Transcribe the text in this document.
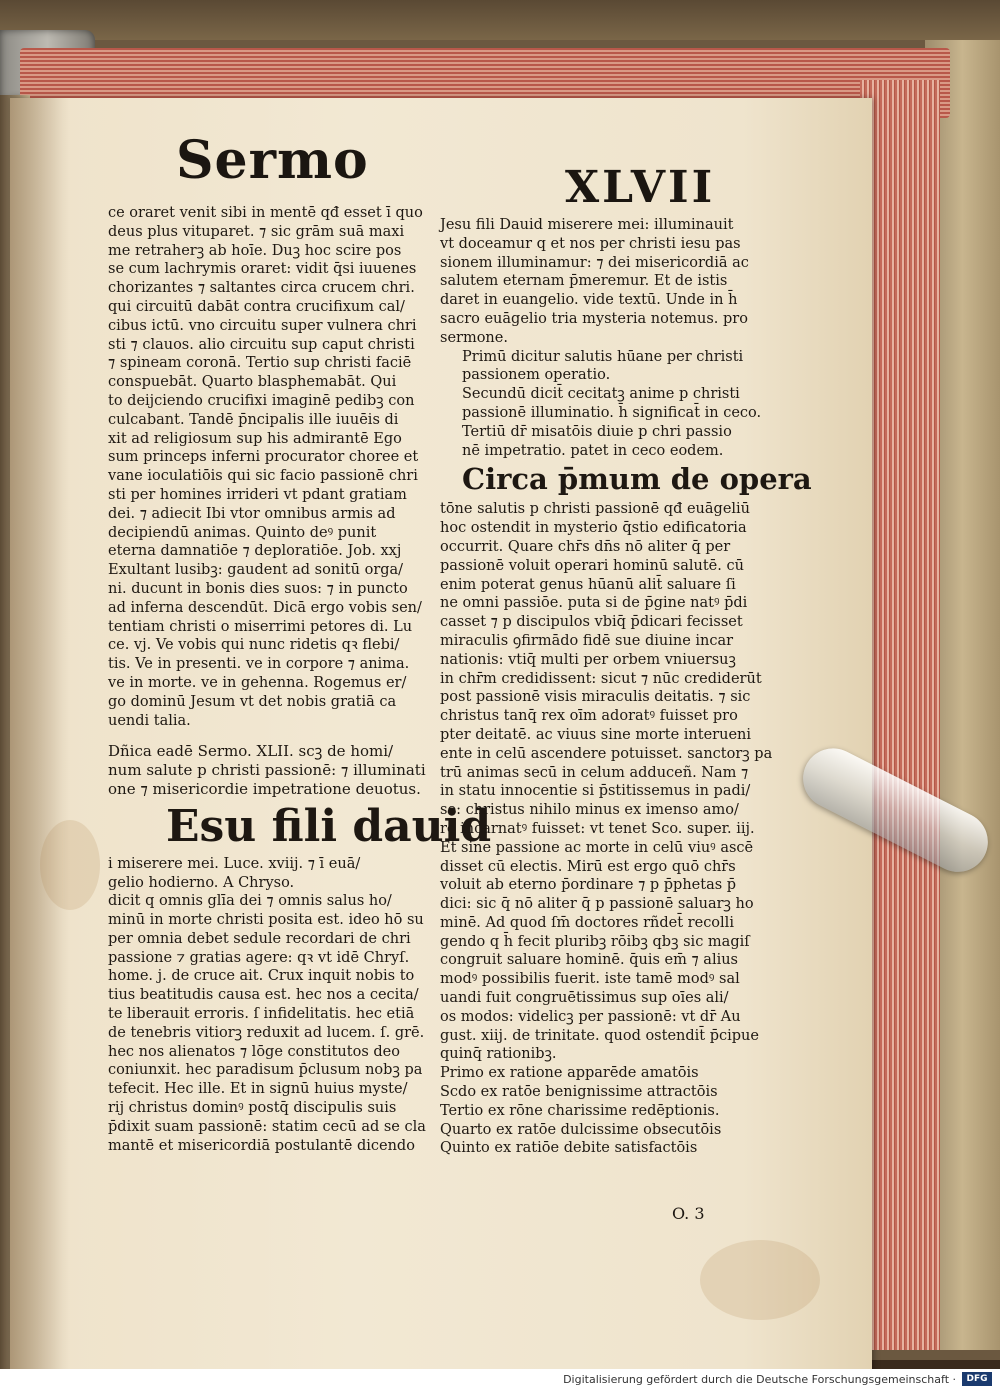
Sermo	XLVII
ce oraret venit sibi in mentē qđ esset ī quo
deus plus vituparet. ⁊ sic grām suā maxi
me retraherꝫ ab hoīe. Duꝫ hoc scire pos
se cum lachrymis oraret: vidit q̄si iuuenes
chorizantes ⁊ saltantes circa crucem chri.
qui circuitū dabāt contra crucifixum cal/
cibus ictū. vno circuitu super vulnera chri
sti ⁊ clauos. alio circuitu sup caput christi
⁊ spineam coronā. Tertio sup christi faciē
conspuebāt. Quarto blasphemabāt. Qui
to deijciendo crucifixi imaginē pedibꝫ con
culcabant. Tandē p̄ncipalis ille iuuēis di
xit ad religiosum sup his admirantē Ego
sum princeps inferni procurator choree et
vane ioculatiōis qui sic facio passionē chri
sti per homines irrideri vt pdant gratiam
dei. ⁊ adiecit Ibi vtor omnibus armis ad
decipiendū animas. Quinto deꝰ punit
eterna damnatiōe ⁊ deploratiōe. Job. xxj
Exultant lusibꝫ: gaudent ad sonitū orga/
ni. ducunt in bonis dies suos: ⁊ in puncto
ad inferna descendūt. Dicā ergo vobis sen/
tentiam christi o miserrimi petores di. Lu
ce. vj. Ve vobis qui nunc ridetis qꝛ flebi/
tis. Ve in presenti. ve in corpore ⁊ anima.
ve in morte. ve in gehenna. Rogemus er/
go dominū Jesum vt det nobis gratiā ca
uendi talia.
Dñica eadē Sermo. XLII. scꝫ de homi/
num salute p christi passionē: ⁊ illuminati
one ⁊ misericordie impetratione deuotus.
Esu fili dauid
i miserere mei. Luce. xviij. ⁊ ī euā/
gelio hodierno. A Chryso.
dicit q omnis glīa dei ⁊ omnis salus ho/
minū in morte christi posita est. ideo hō su
per omnia debet sedule recordari de chri
passione ⁊ gratias agere: qꝛ vt idē Chryſ.
home. j. de cruce ait. Crux inquit nobis to
tius beatitudis causa est. hec nos a cecita/
te liberauit erroris. ſ infidelitatis. hec etiā
de tenebris vitiorꝫ reduxit ad lucem. ſ. grē.
hec nos alienatos ⁊ lōge constitutos deo
coniunxit. hec paradisum p̄clusum nobꝫ pa
tefecit. Hec ille. Et in signū huius myste/
rij christus dominꝰ postq̄ discipulis suis
p̄dixit suam passionē: statim cecū ad se cla
mantē et misericordiā postulantē dicendo
Jesu fili Dauid miserere mei: illuminauit
vt doceamur q et nos per christi iesu pas
sionem illuminamur: ⁊ dei misericordiā ac
salutem eternam p̄meremur. Et de istis
daret in euangelio. vide textū. Unde in h̄
sacro euāgelio tria mysteria notemus. pro
sermone.
Primū dicitur salutis hūane per christi
passionem operatio.
Secundū dicit̄ cecitatꝫ anime p christi
passionē illuminatio. h̄ significat̄ in ceco.
Tertiū dr̄ misatōis diuie p chri passio
nē impetratio. patet in ceco eodem.
Circa p̄mum de opera
tōne salutis p christi passionē qđ euāgeliū
hoc ostendit in mysterio q̄stio edificatoria
occurrit. Quare chr̄s dn̄s nō aliter q̄ per
passionē voluit operari hominū salutē. cū
enim poterat genus hūanū alit̄ saluare ſi
ne omni passiōe. puta si de p̄gine natꝰ p̄di
casset ⁊ p discipulos vbiq̄ p̄dicari fecisset
miraculis ꝯfirmādo fidē sue diuine incar
nationis: vtiq̄ multi per orbem vniuersuꝫ
in chr̄m credidissent: sicut ⁊ nūc crediderūt
post passionē visis miraculis deitatis. ⁊ sic
christus tanq̄ rex oīm adoratꝰ fuisset pro
pter deitatē. ac viuus sine morte interueni
ente in celū ascendere potuisset. sanctorꝫ pa
trū animas secū in celum adduceñ. Nam ⁊
in statu innocentie si p̄stitissemus in padi/
so: christus nihilo minus ex imenso amo/
re incarnatꝰ fuisset: vt tenet Sco. super. iij.
Et sine passione ac morte in celū viuꝰ ascē
disset cū electis. Mirū est ergo quō chr̄s
voluit ab eterno p̄ordinare ⁊ p p̄phetas p̄
dici: sic q̄ nō aliter q̄ p passionē saluarꝫ ho
minē. Ad quod ſm̄ doctores rñdet̄ recolli
gendo q h̄ fecit pluribꝫ rōibꝫ qbꝫ sic magiſ
congruit saluare hominē. q̄uis em̄ ⁊ alius
modꝰ possibilis fuerit. iste tamē modꝰ sal
uandi fuit congruētissimus sup oīes ali/
os modos: videlicꝫ per passionē: vt dr̄ Au
gust. xiij. de trinitate. quod ostendit̄ p̄cipue
quinq̄ rationibꝫ.
Primo ex ratione apparēde amatōis
Scdo ex ratōe benignissime attractōis
Tertio ex rōne charissime redēptionis.
Quarto ex ratōe dulcissime obsecutōis
Quinto ex ratiōe debite satisfactōis
O. 3
Digitalisierung gefördert durch die Deutsche Forschungsgemeinschaft ·	DFG
